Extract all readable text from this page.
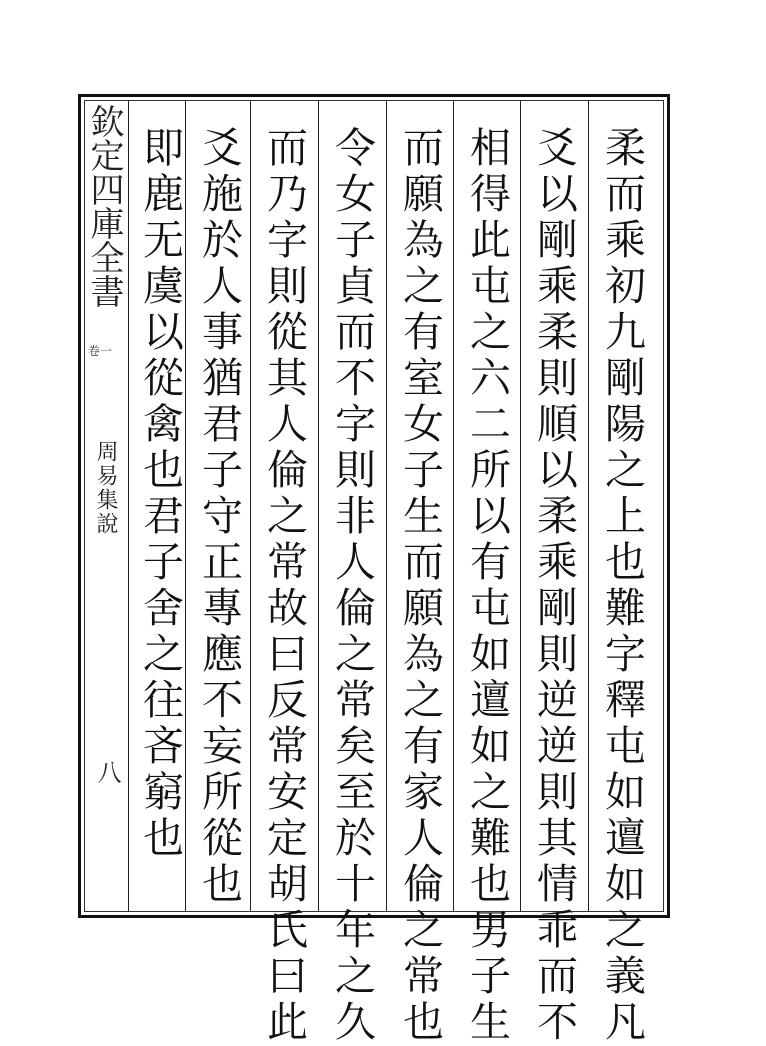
欽定四庫全書
卷一
周易集說
八	柔而乘初九剛陽之上也難字釋屯如邅如之義凡
爻以剛乘柔則順以柔乘剛則逆逆則其情乖而不
相得此屯之六二所以有屯如邅如之難也男子生
而願為之有室女子生而願為之有家人倫之常也
令女子貞而不字則非人倫之常矣至於十年之久
而乃字則從其人倫之常故曰反常安定胡氏曰此
爻施於人事猶君子守正專應不妄所從也
即鹿无虞以從禽也君子舍之往吝窮也
